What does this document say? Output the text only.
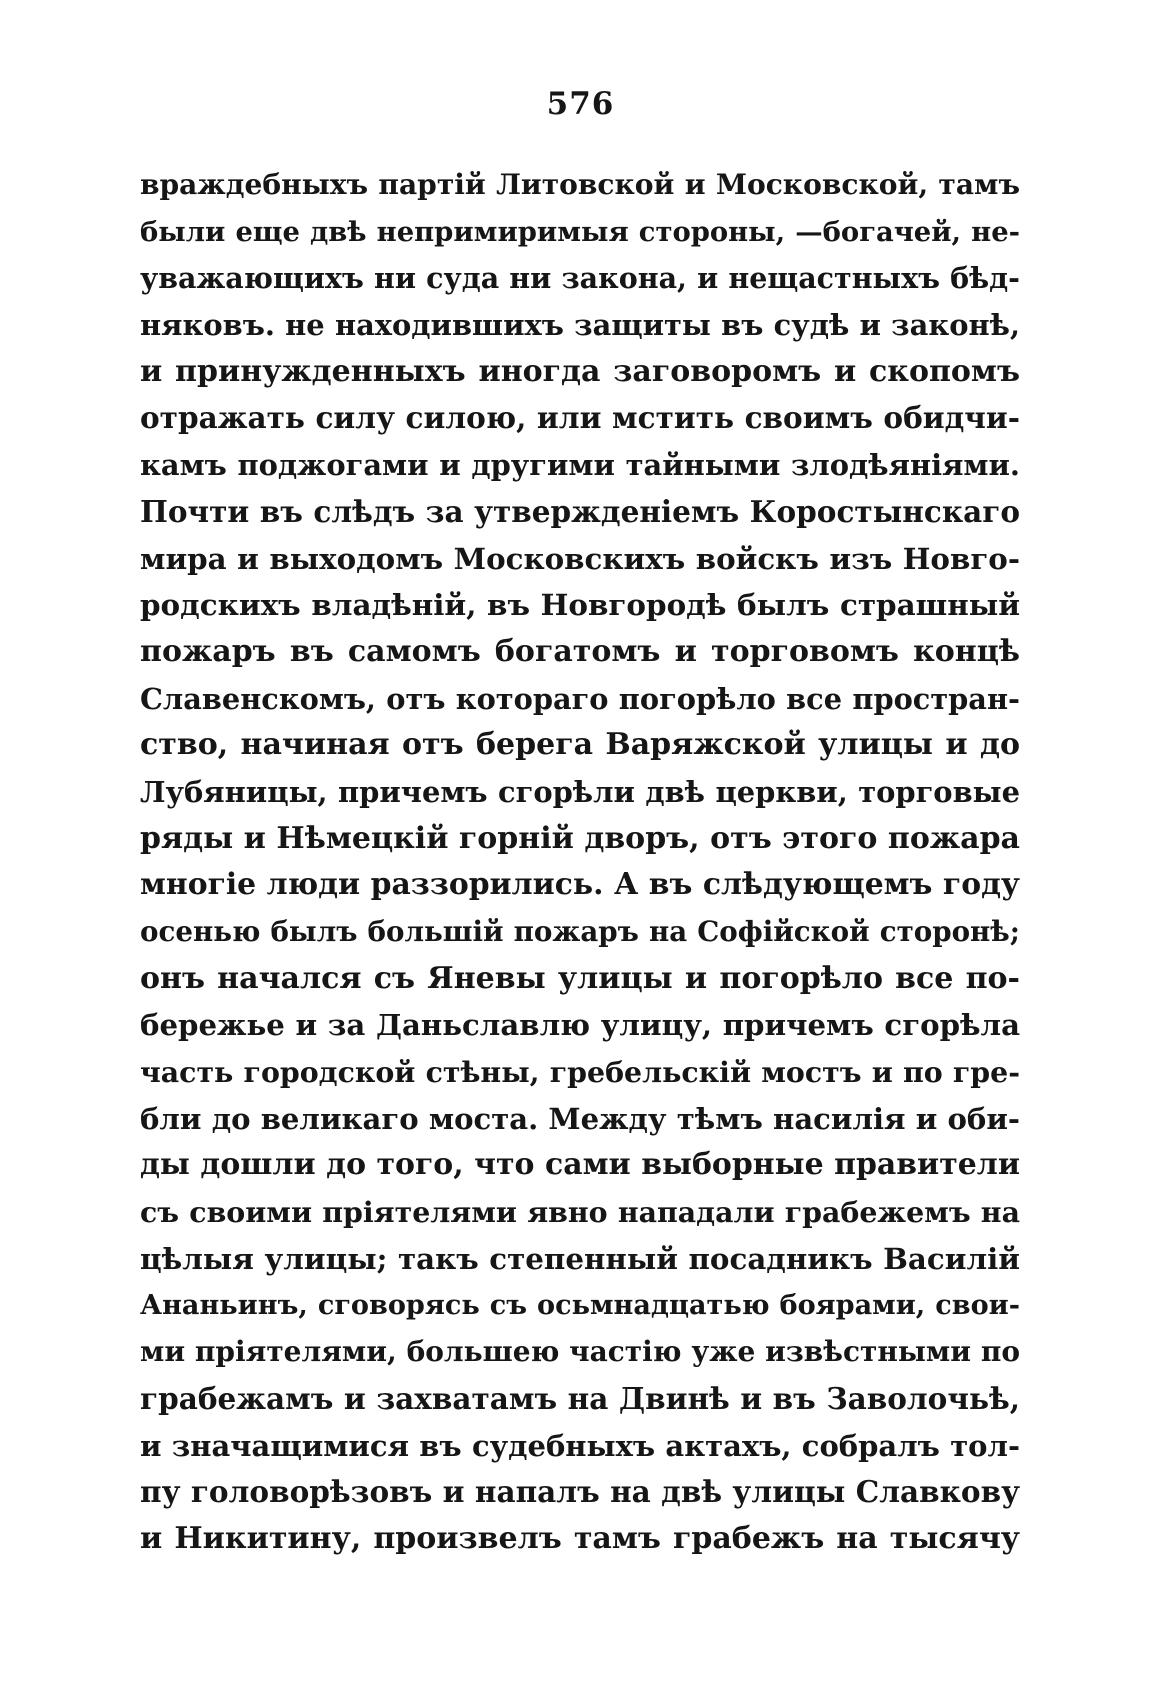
576
враждебныхъ партій Литовской и Московской, тамъ
были еще двѣ непримиримыя стороны, —богачей, не-
уважающихъ ни суда ни закона, и нещастныхъ бѣд-
няковъ. не находившихъ защиты въ судѣ и законѣ,
и принужденныхъ иногда заговоромъ и скопомъ
отражать силу силою, или мстить своимъ обидчи-
камъ поджогами и другими тайными злодѣяніями.
Почти въ слѣдъ за утвержденіемъ Коростынскаго
мира и выходомъ Московскихъ войскъ изъ Новго-
родскихъ владѣній, въ Новгородѣ былъ страшный
пожаръ въ самомъ богатомъ и торговомъ концѣ
Славенскомъ, отъ котораго погорѣло все простран-
ство, начиная отъ берега Варяжской улицы и до
Лубяницы, причемъ сгорѣли двѣ церкви, торговые
ряды и Нѣмецкій горній дворъ, отъ этого пожара
многіе люди раззорились. А въ слѣдующемъ году
осенью былъ большій пожаръ на Софійской сторонѣ;
онъ начался съ Яневы улицы и погорѣло все по-
бережье и за Даньславлю улицу, причемъ сгорѣла
часть городской стѣны, гребельскій мостъ и по гре-
бли до великаго моста. Между тѣмъ насилія и оби-
ды дошли до того, что сами выборные правители
съ своими пріятелями явно нападали грабежемъ на
цѣлыя улицы; такъ степенный посадникъ Василій
Ананьинъ, сговорясь съ осьмнадцатью боярами, свои-
ми пріятелями, большею частію уже извѣстными по
грабежамъ и захватамъ на Двинѣ и въ Заволочьѣ,
и значащимися въ судебныхъ актахъ, собралъ тол-
пу головорѣзовъ и напалъ на двѣ улицы Славкову
и Никитину, произвелъ тамъ грабежъ на тысячу
